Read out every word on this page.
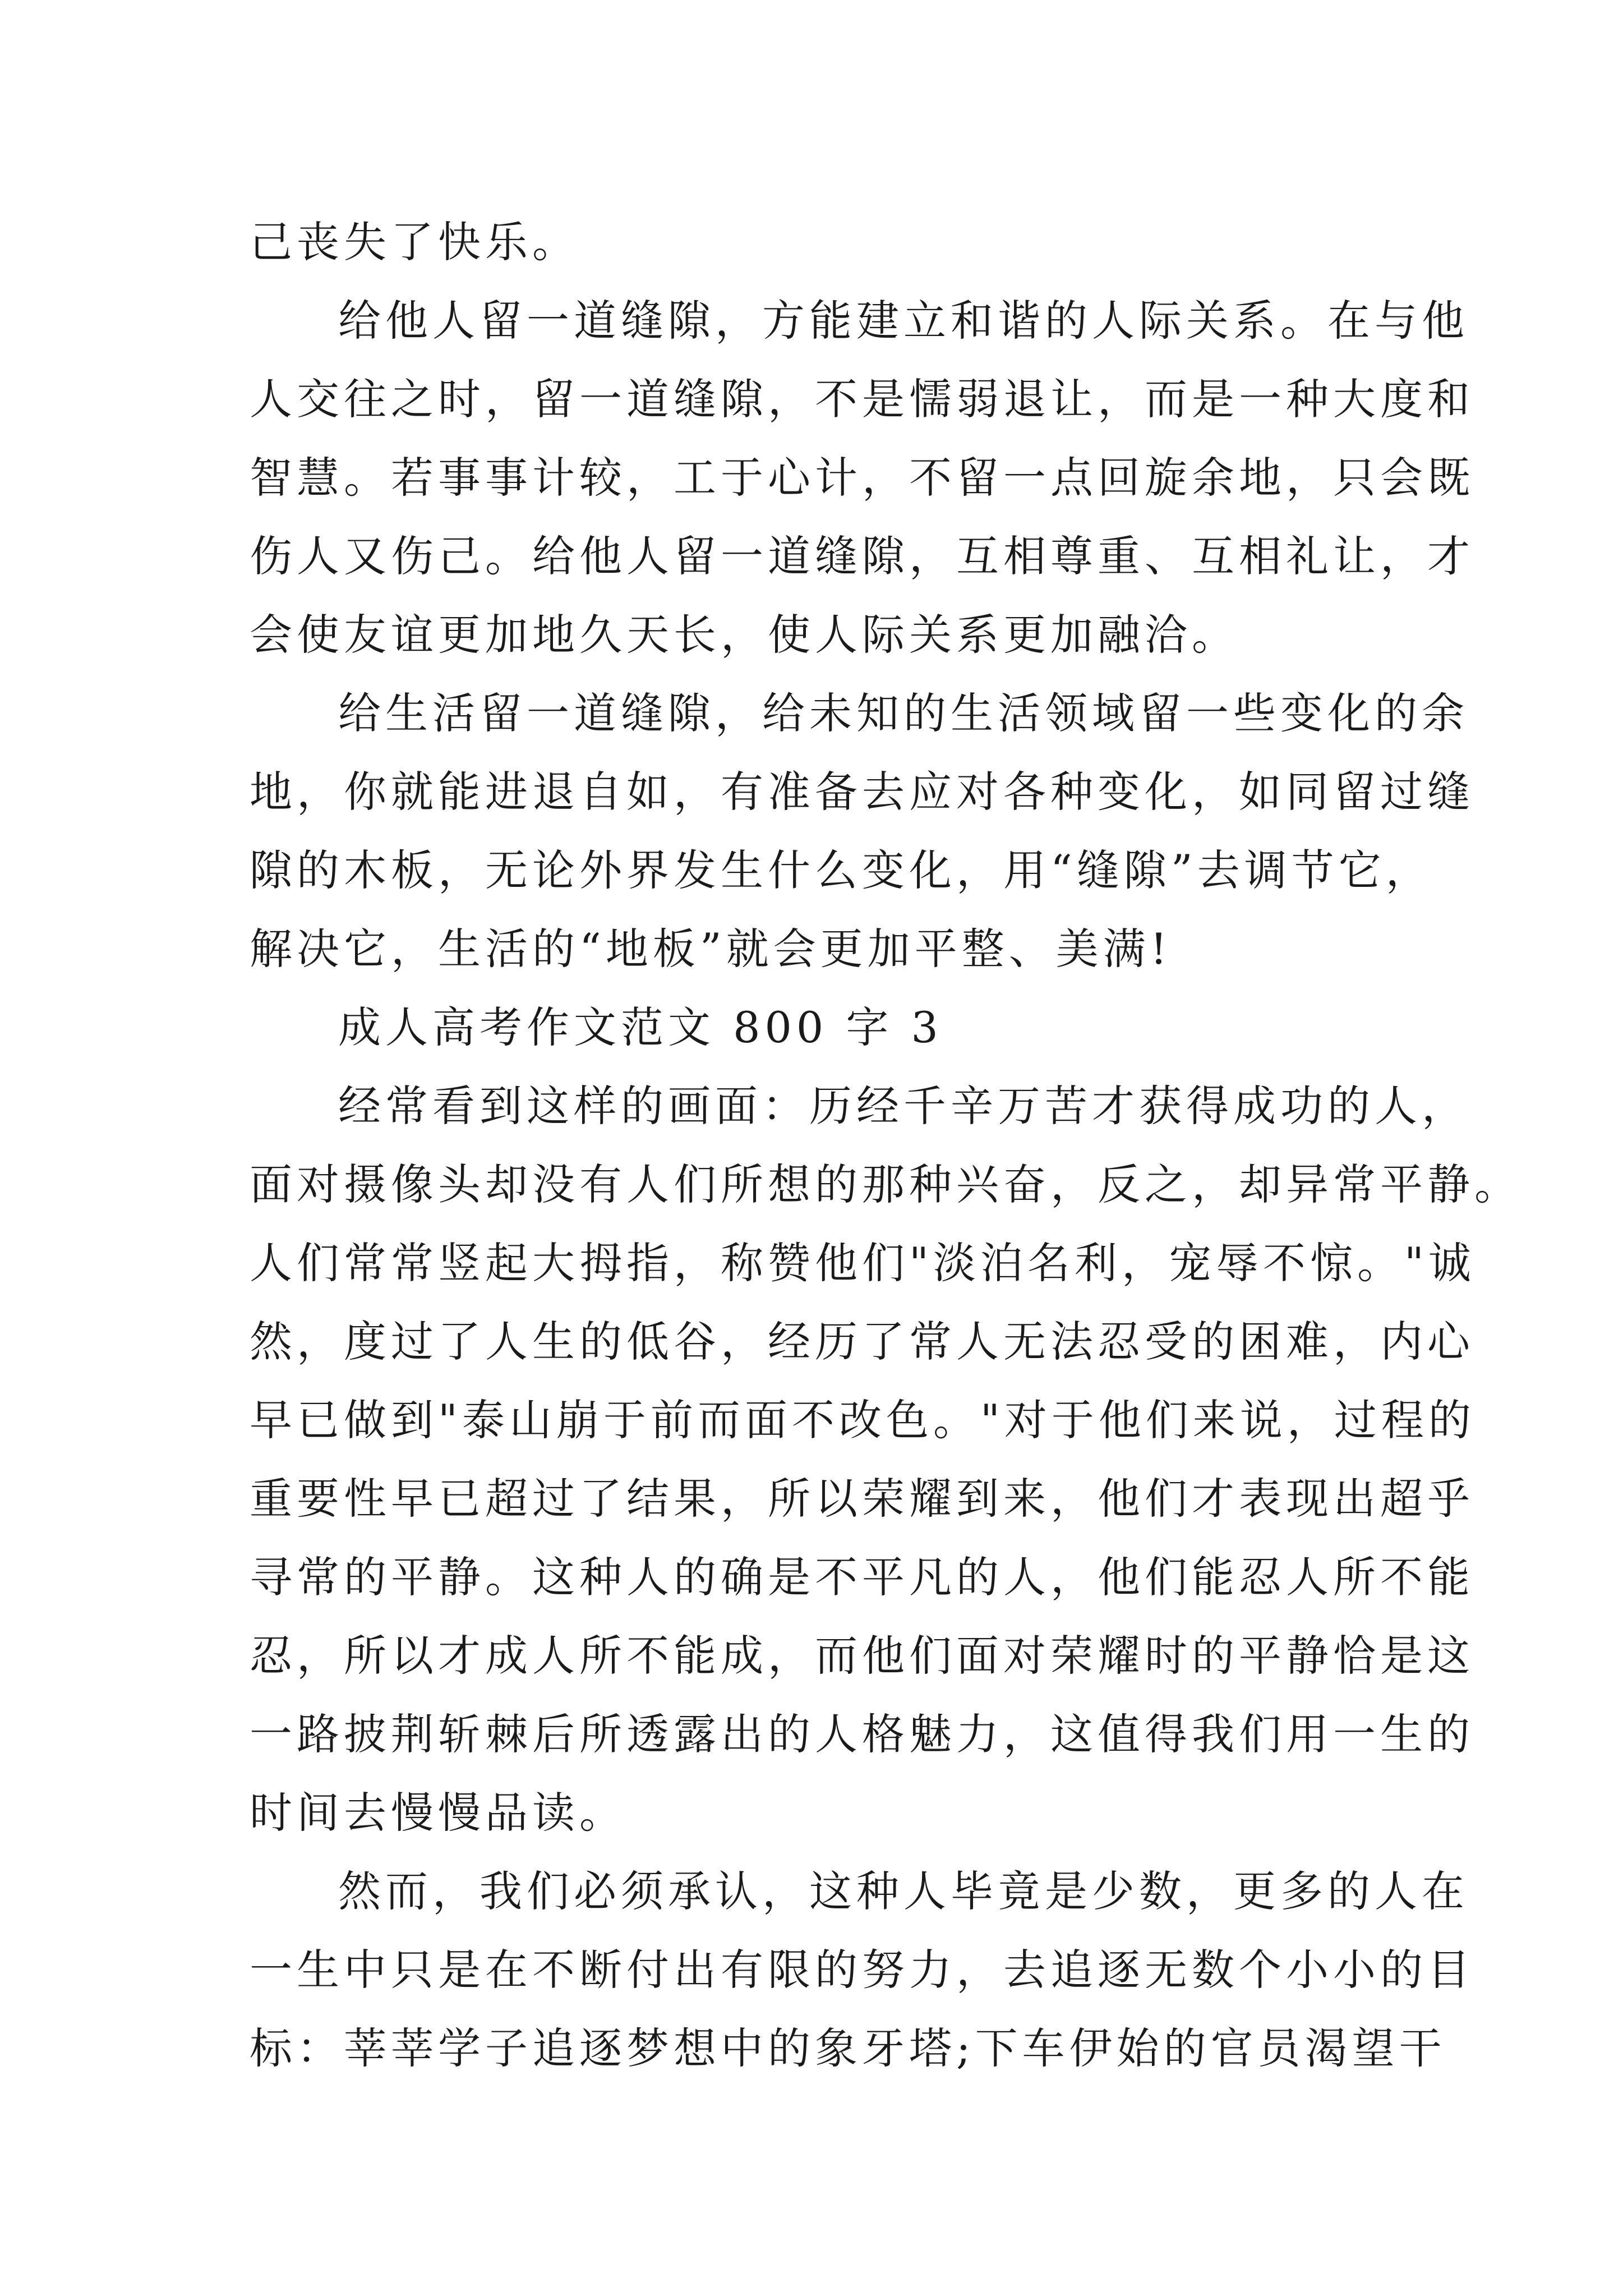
己丧失了快乐。
给他人留一道缝隙，方能建立和谐的人际关系。在与他
人交往之时，留一道缝隙，不是懦弱退让，而是一种大度和
智慧。若事事计较，工于心计，不留一点回旋余地，只会既
伤人又伤己。给他人留一道缝隙，互相尊重、互相礼让，才
会使友谊更加地久天长，使人际关系更加融洽。
给生活留一道缝隙，给未知的生活领域留一些变化的余
地，你就能进退自如，有准备去应对各种变化，如同留过缝
隙的木板，无论外界发生什么变化，用“缝隙”去调节它，
解决它，生活的“地板”就会更加平整、美满!
成人高考作文范文 800 字 3
经常看到这样的画面：历经千辛万苦才获得成功的人，
面对摄像头却没有人们所想的那种兴奋，反之，却异常平静。
人们常常竖起大拇指，称赞他们"淡泊名利，宠辱不惊。"诚
然，度过了人生的低谷，经历了常人无法忍受的困难，内心
早已做到"泰山崩于前而面不改色。"对于他们来说，过程的
重要性早已超过了结果，所以荣耀到来，他们才表现出超乎
寻常的平静。这种人的确是不平凡的人，他们能忍人所不能
忍，所以才成人所不能成，而他们面对荣耀时的平静恰是这
一路披荆斩棘后所透露出的人格魅力，这值得我们用一生的
时间去慢慢品读。
然而，我们必须承认，这种人毕竟是少数，更多的人在
一生中只是在不断付出有限的努力，去追逐无数个小小的目
标：莘莘学子追逐梦想中的象牙塔;下车伊始的官员渴望干
